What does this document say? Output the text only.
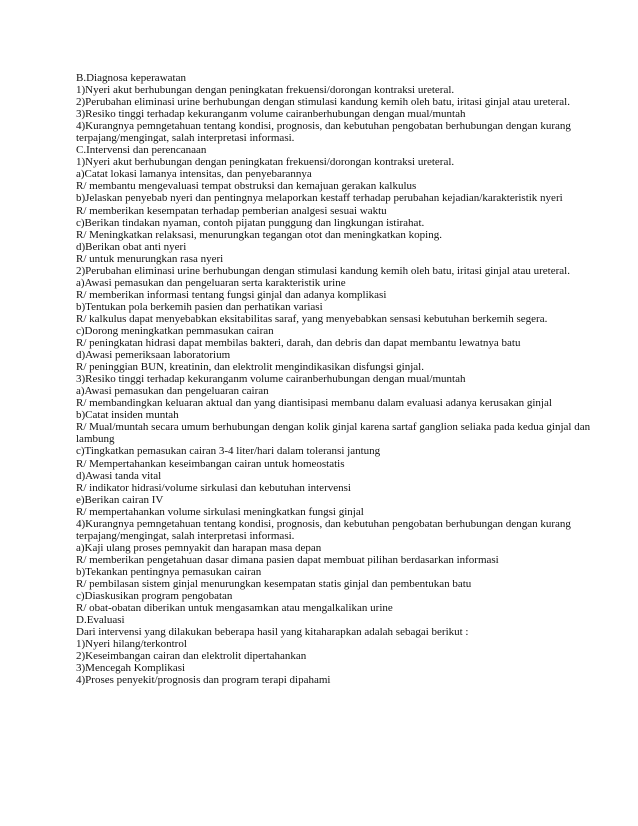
B.Diagnosa keperawatan
1)Nyeri akut berhubungan dengan peningkatan frekuensi/dorongan kontraksi ureteral.
2)Perubahan eliminasi urine berhubungan dengan stimulasi kandung kemih oleh batu, iritasi ginjal atau ureteral.
3)Resiko tinggi terhadap kekuranganm volume cairanberhubungan dengan mual/muntah
4)Kurangnya pemngetahuan tentang kondisi, prognosis, dan kebutuhan pengobatan berhubungan dengan kurang
terpajang/mengingat, salah interpretasi informasi.
C.Intervensi dan perencanaan
1)Nyeri akut berhubungan dengan peningkatan frekuensi/dorongan kontraksi ureteral.
a)Catat lokasi lamanya intensitas, dan penyebarannya
R/ membantu mengevaluasi tempat obstruksi dan kemajuan gerakan kalkulus
b)Jelaskan penyebab nyeri dan pentingnya melaporkan kestaff terhadap perubahan kejadian/karakteristik nyeri
R/ memberikan kesempatan terhadap pemberian analgesi sesuai waktu
c)Berikan tindakan nyaman, contoh pijatan punggung dan lingkungan istirahat.
R/ Meningkatkan relaksasi, menurungkan tegangan otot dan meningkatkan koping.
d)Berikan obat anti nyeri
R/ untuk menurungkan rasa nyeri
2)Perubahan eliminasi urine berhubungan dengan stimulasi kandung kemih oleh batu, iritasi ginjal atau ureteral.
a)Awasi pemasukan dan pengeluaran serta karakteristik urine
R/ memberikan informasi tentang fungsi ginjal dan adanya komplikasi
b)Tentukan pola berkemih pasien dan perhatikan variasi
R/ kalkulus dapat menyebabkan eksitabilitas saraf, yang menyebabkan sensasi kebutuhan berkemih segera.
c)Dorong meningkatkan pemmasukan cairan
R/ peningkatan hidrasi dapat membilas bakteri, darah, dan debris dan dapat membantu lewatnya batu
d)Awasi pemeriksaan laboratorium
R/ peninggian BUN, kreatinin, dan elektrolit mengindikasikan disfungsi ginjal.
3)Resiko tinggi terhadap kekuranganm volume cairanberhubungan dengan mual/muntah
a)Awasi pemasukan dan pengeluaran cairan
R/ membandingkan keluaran aktual dan yang diantisipasi membanu dalam evaluasi adanya kerusakan ginjal
b)Catat insiden muntah
R/ Mual/muntah secara umum berhubungan dengan kolik ginjal karena sartaf ganglion seliaka pada kedua ginjal dan
lambung
c)Tingkatkan pemasukan cairan 3-4 liter/hari dalam toleransi jantung
R/ Mempertahankan keseimbangan cairan untuk homeostatis
d)Awasi tanda vital
R/ indikator hidrasi/volume sirkulasi dan kebutuhan intervensi
e)Berikan cairan IV
R/ mempertahankan volume sirkulasi meningkatkan fungsi ginjal
4)Kurangnya pemngetahuan tentang kondisi, prognosis, dan kebutuhan pengobatan berhubungan dengan kurang
terpajang/mengingat, salah interpretasi informasi.
a)Kaji ulang proses pemnyakit dan harapan masa depan
R/ memberikan pengetahuan dasar dimana pasien dapat membuat pilihan berdasarkan informasi
b)Tekankan pentingnya pemasukan cairan
R/ pembilasan sistem ginjal menurungkan kesempatan statis ginjal dan pembentukan batu
c)Diaskusikan program pengobatan
R/ obat-obatan diberikan untuk mengasamkan atau mengalkalikan urine
D.Evaluasi
Dari intervensi yang dilakukan beberapa hasil yang kitaharapkan adalah sebagai berikut :
1)Nyeri hilang/terkontrol
2)Keseimbangan cairan dan elektrolit dipertahankan
3)Mencegah Komplikasi
4)Proses penyekit/prognosis dan program terapi dipahami
